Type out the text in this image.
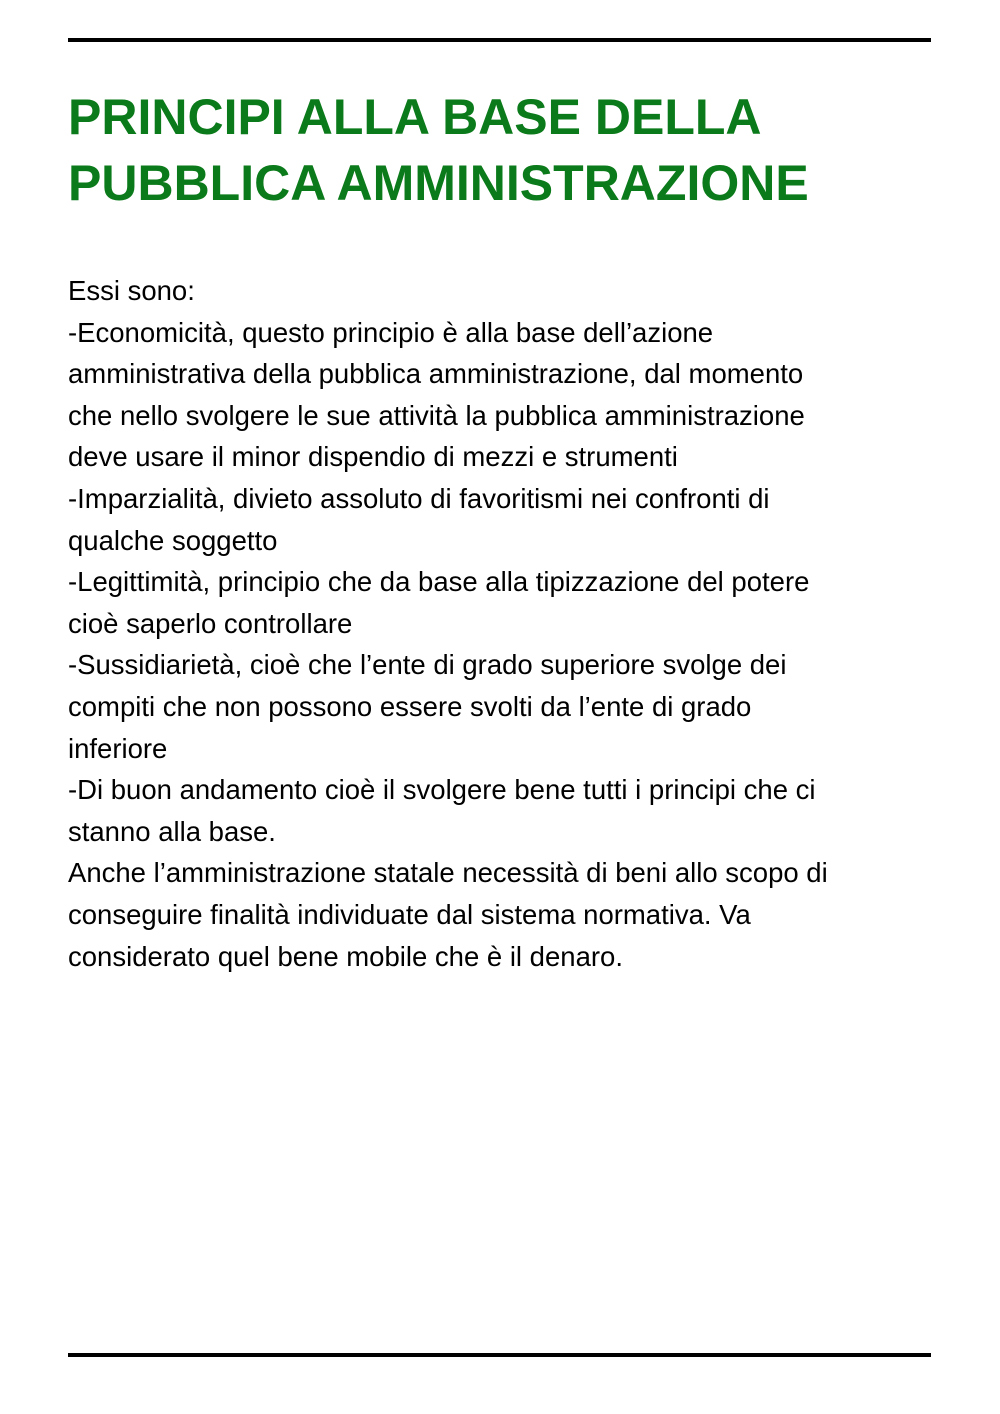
PRINCIPI ALLA BASE DELLA
PUBBLICA AMMINISTRAZIONE
Essi sono:
-Economicità, questo principio è alla base dell’azione
amministrativa della pubblica amministrazione, dal momento
che nello svolgere le sue attività la pubblica amministrazione
deve usare il minor dispendio di mezzi e strumenti
-Imparzialità, divieto assoluto di favoritismi nei confronti di
qualche soggetto
-Legittimità, principio che da base alla tipizzazione del potere
cioè saperlo controllare
-Sussidiarietà, cioè che l’ente di grado superiore svolge dei
compiti che non possono essere svolti da l’ente di grado
inferiore
-Di buon andamento cioè il svolgere bene tutti i principi che ci
stanno alla base.
Anche l’amministrazione statale necessità di beni allo scopo di
conseguire finalità individuate dal sistema normativa. Va
considerato quel bene mobile che è il denaro.
